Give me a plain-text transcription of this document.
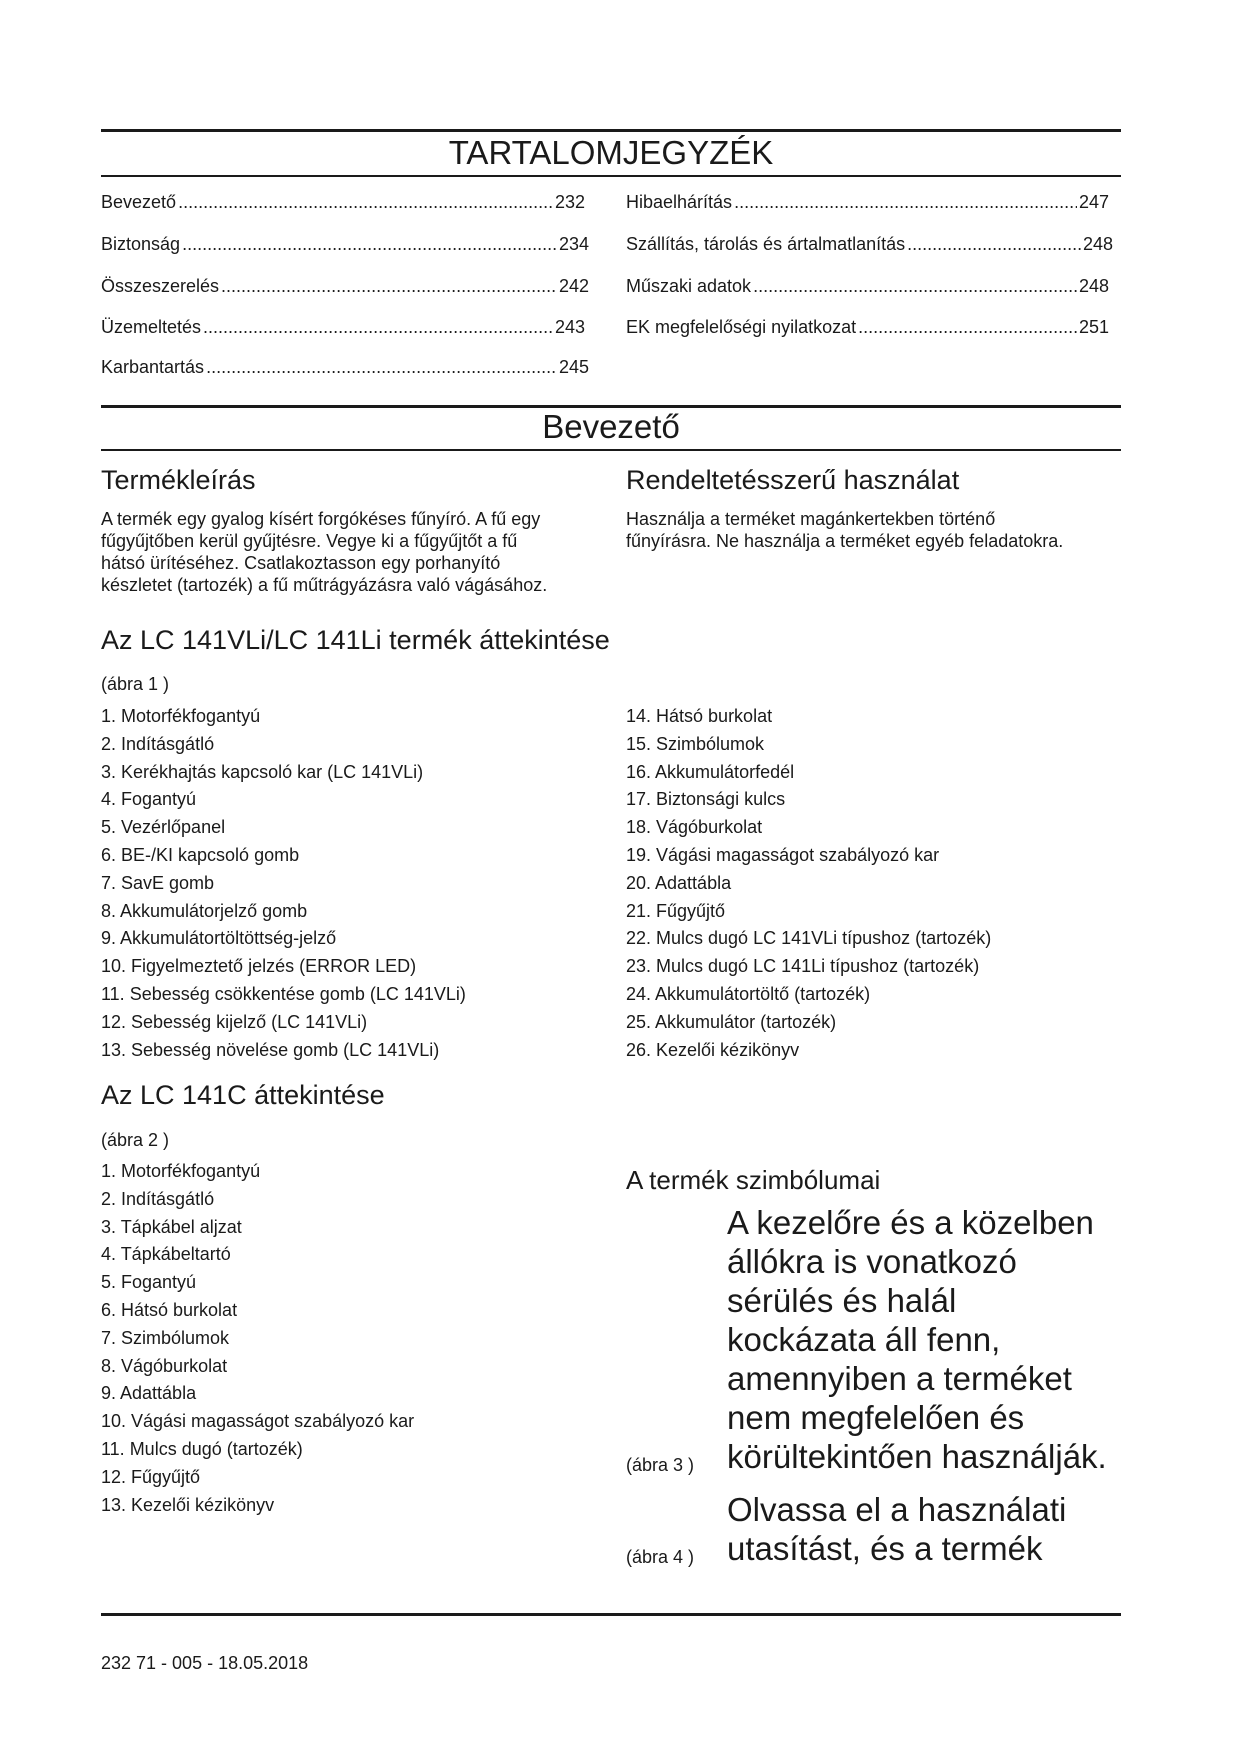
TARTALOMJEGYZÉK
Bevezető .....	232
Biztonság .....	234
Összeszerelés .....	242
Üzemeltetés .....	243
Karbantartás .....	245
Hibaelhárítás .....	247
Szállítás, tárolás és ártalmatlanítás .....	248
Műszaki adatok .....	248
EK megfelelőségi nyilatkozat .....	251
Bevezető
Termékleírás
A termék egy gyalog kísért forgókéses fűnyíró. A fű egy
fűgyűjtőben kerül gyűjtésre. Vegye ki a fűgyűjtőt a fű
hátsó ürítéséhez. Csatlakoztasson egy porhanyító
készletet (tartozék) a fű műtrágyázásra való vágásához.
Rendeltetésszerű használat
Használja a terméket magánkertekben történő
fűnyírásra. Ne használja a terméket egyéb feladatokra.
Az LC 141VLi/LC 141Li termék áttekintése
(ábra 1 )
1. Motorfékfogantyú
2. Indításgátló
3. Kerékhajtás kapcsoló kar (LC 141VLi)
4. Fogantyú
5. Vezérlőpanel
6. BE-/KI kapcsoló gomb
7. SavE gomb
8. Akkumulátorjelző gomb
9. Akkumulátortöltöttség-jelző
10. Figyelmeztető jelzés (ERROR LED)
11. Sebesség csökkentése gomb (LC 141VLi)
12. Sebesség kijelző (LC 141VLi)
13. Sebesség növelése gomb (LC 141VLi)
14. Hátsó burkolat
15. Szimbólumok
16. Akkumulátorfedél
17. Biztonsági kulcs
18. Vágóburkolat
19. Vágási magasságot szabályozó kar
20. Adattábla
21. Fűgyűjtő
22. Mulcs dugó LC 141VLi típushoz (tartozék)
23. Mulcs dugó LC 141Li típushoz (tartozék)
24. Akkumulátortöltő (tartozék)
25. Akkumulátor (tartozék)
26. Kezelői kézikönyv
Az LC 141C áttekintése
(ábra 2 )
1. Motorfékfogantyú
2. Indításgátló
3. Tápkábel aljzat
4. Tápkábeltartó
5. Fogantyú
6. Hátsó burkolat
7. Szimbólumok
8. Vágóburkolat
9. Adattábla
10. Vágási magasságot szabályozó kar
11. Mulcs dugó (tartozék)
12. Fűgyűjtő
13. Kezelői kézikönyv
A termék szimbólumai
(ábra 3 )
A kezelőre és a közelben
állókra is vonatkozó
sérülés és halál
kockázata áll fenn,
amennyiben a terméket
nem megfelelően és
körültekintően használják.
(ábra 4 )
Olvassa el a használati
utasítást, és a termék
232 71 - 005 - 18.05.2018
